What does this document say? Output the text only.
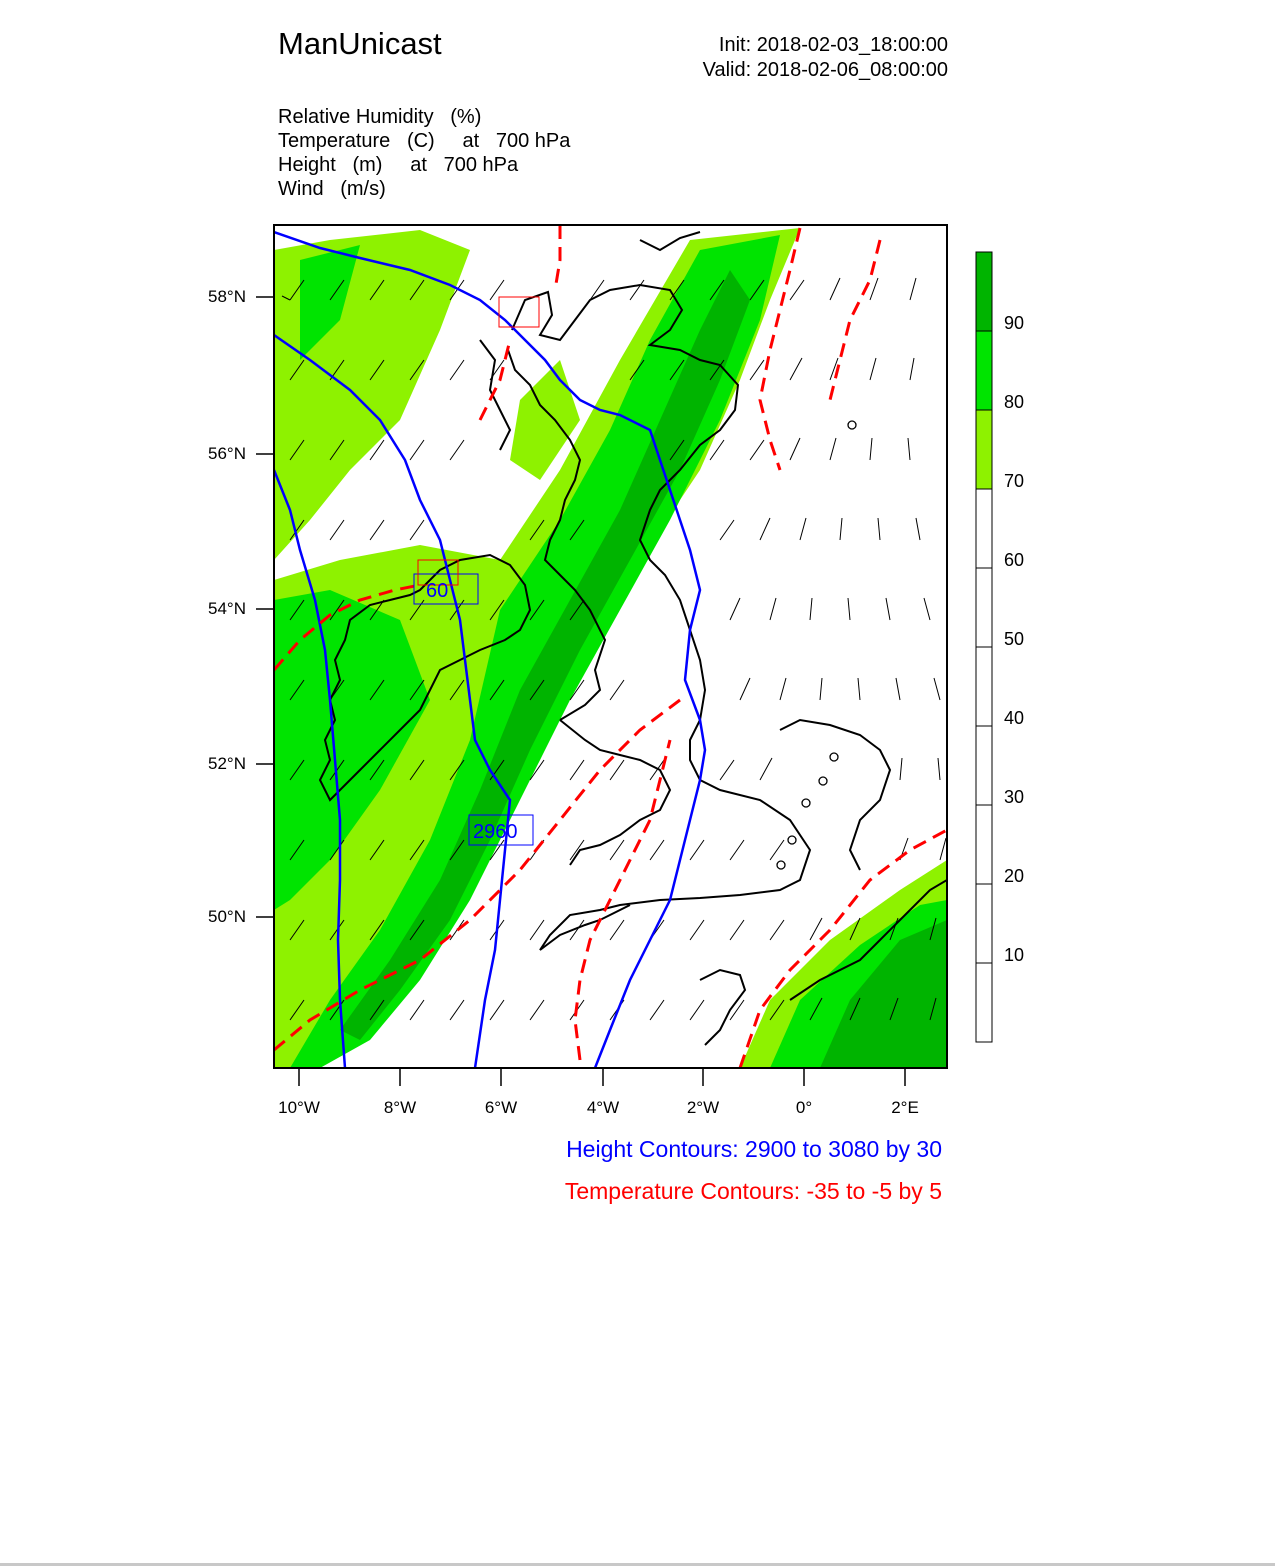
ManUnicast	Init: 2018-02-03_18:00:00
Valid: 2018-02-06_08:00:00
Relative Humidity   (%)
Temperature   (C)     at   700 hPa
Height   (m)     at   700 hPa
Wind   (m/s)
60
2960
58°N
56°N
54°N
52°N
50°N
10°W	8°W	6°W	4°W	2°W	0°	2°E
90
80
70
60
50
40
30
20
10
Height Contours: 2900 to 3080 by 30
Temperature Contours: -35 to -5 by 5
